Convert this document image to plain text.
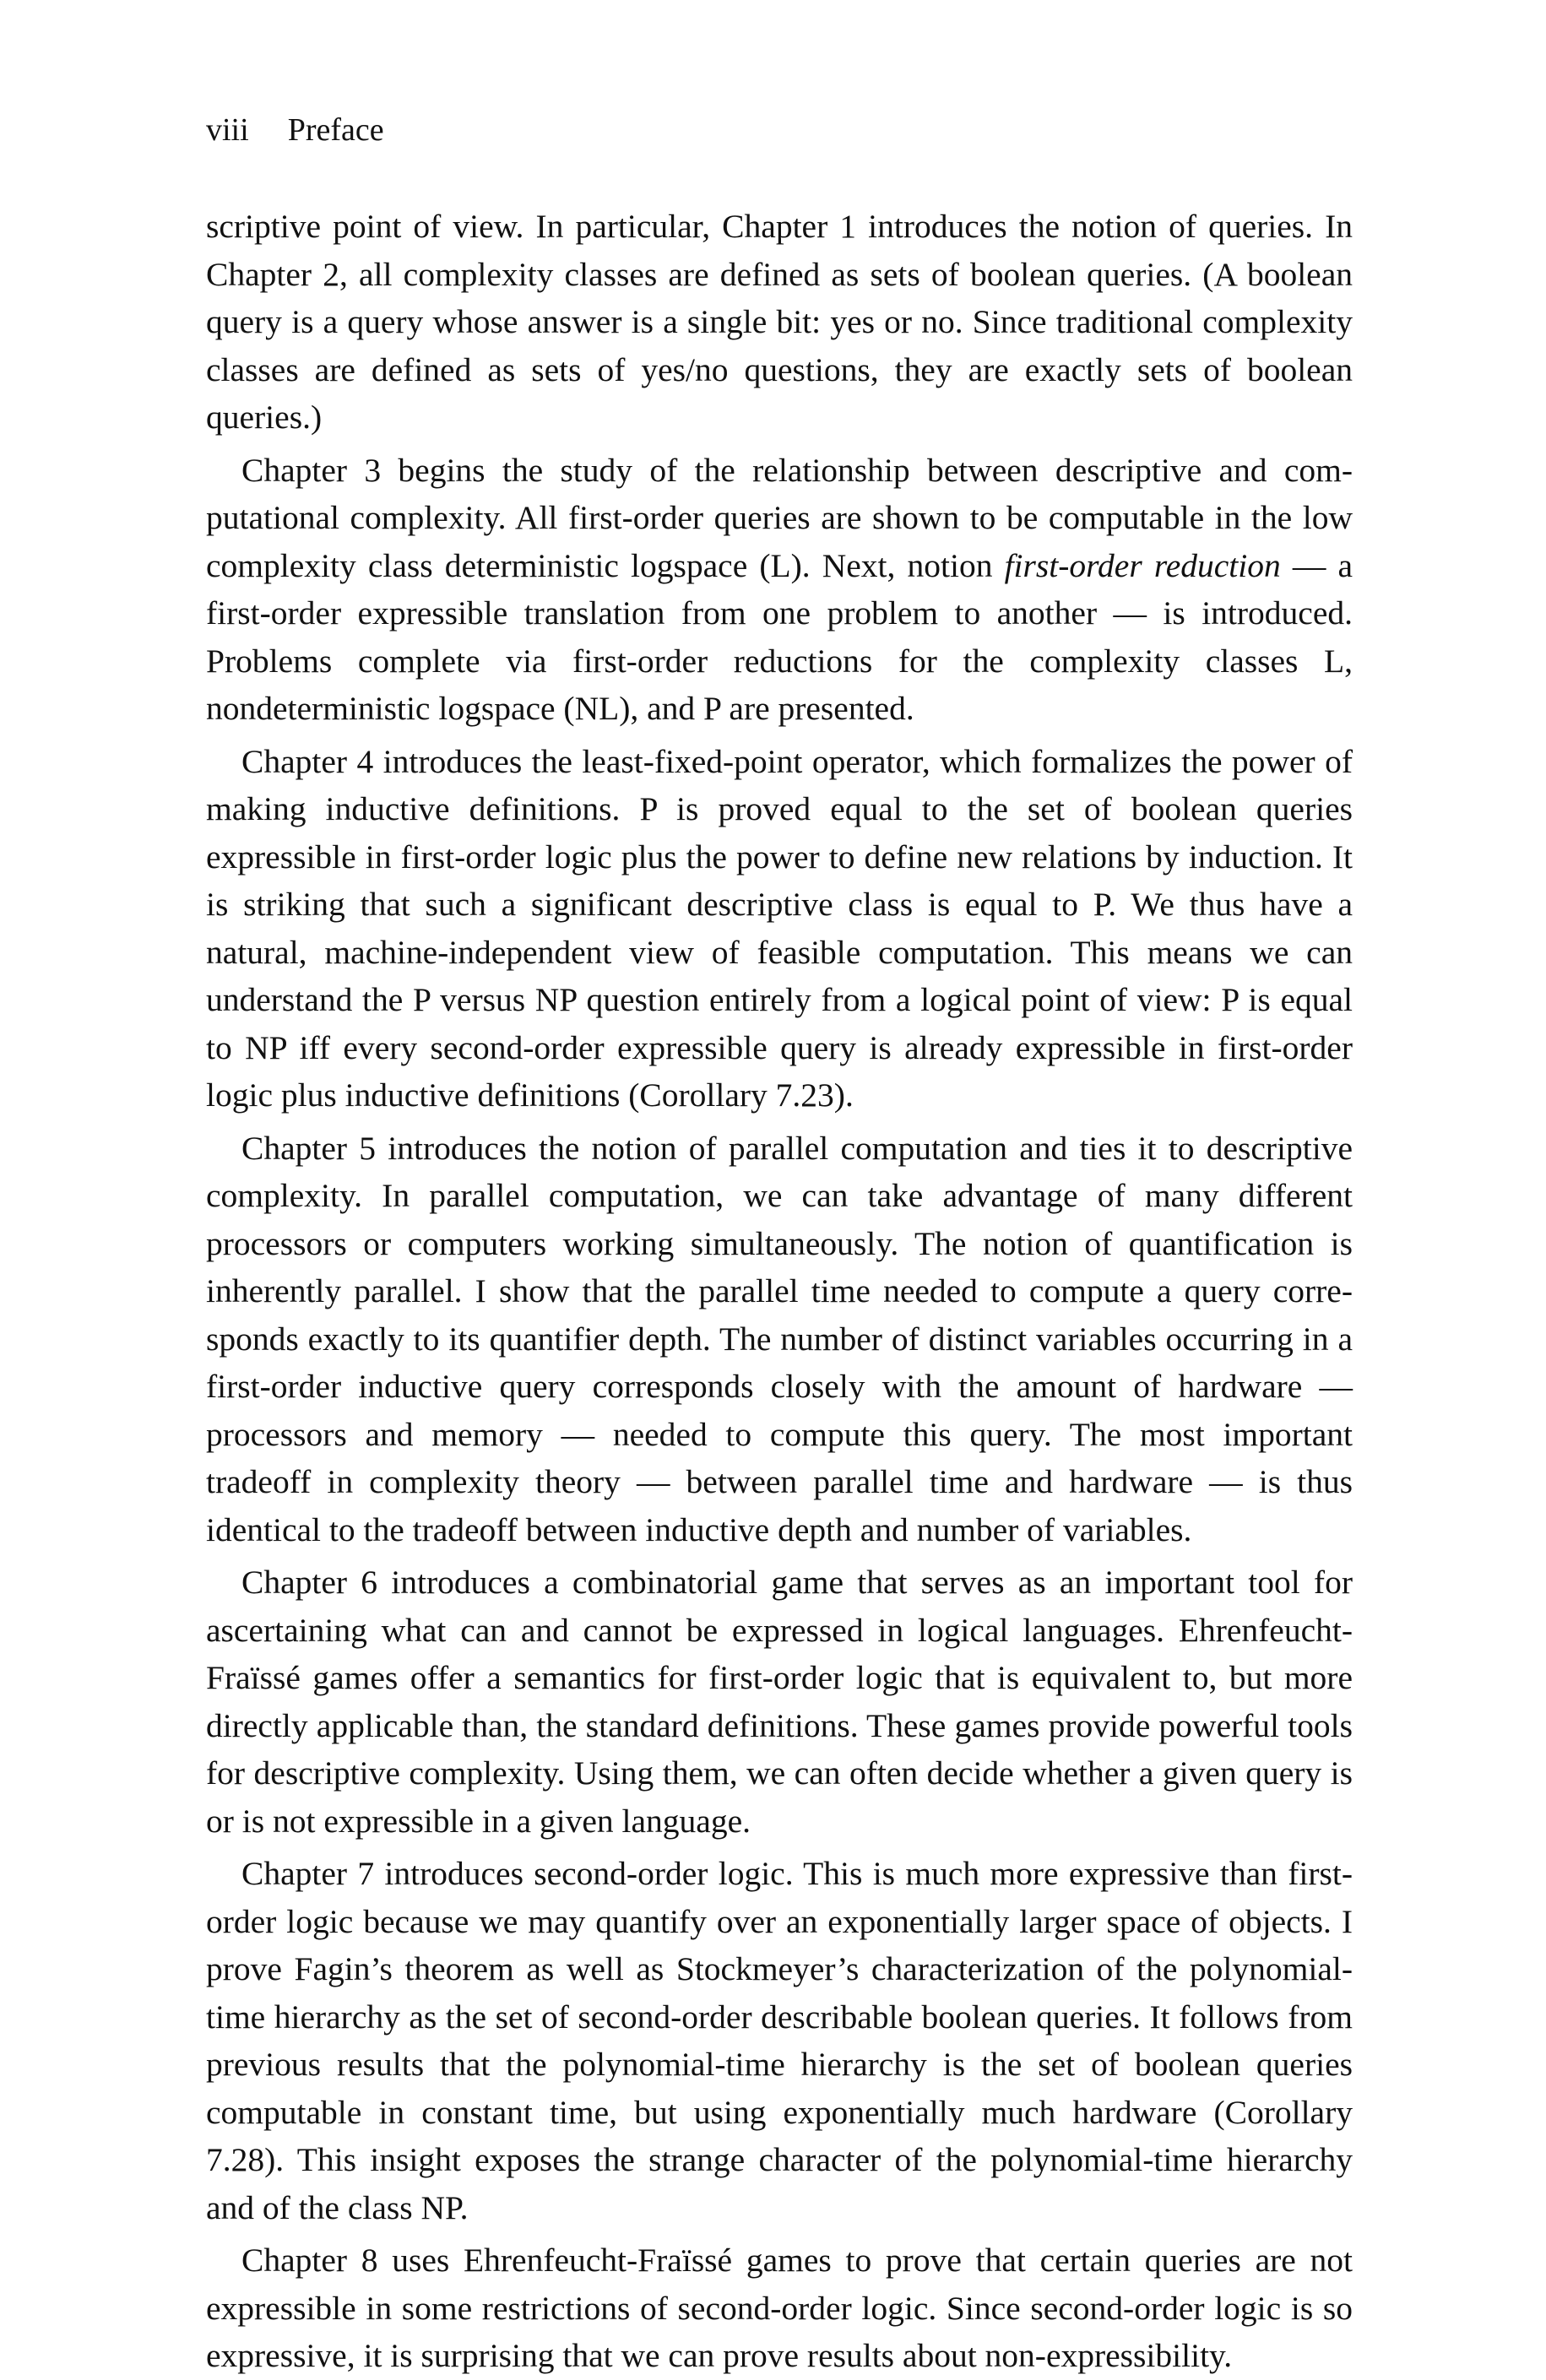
viii Preface

scriptive point of view. In particular, Chapter 1 introduces the notion of queries. In Chapter 2, all complexity classes are defined as sets of boolean queries. (A boolean query is a query whose answer is a single bit: yes or no. Since traditional complexity classes are defined as sets of yes/no questions, they are exactly sets of boolean queries.)

Chapter 3 begins the study of the relationship between descriptive and computational complexity. All first-order queries are shown to be computable in the low complexity class deterministic logspace (L). Next, notion first-order reduction — a first-order expressible translation from one problem to another — is introduced. Problems complete via first-order reductions for the complexity classes L, nondeterministic logspace (NL), and P are presented.

Chapter 4 introduces the least-fixed-point operator, which formalizes the power of making inductive definitions. P is proved equal to the set of boolean queries expressible in first-order logic plus the power to define new relations by induction. It is striking that such a significant descriptive class is equal to P. We thus have a natural, machine-independent view of feasible computation. This means we can understand the P versus NP question entirely from a logical point of view: P is equal to NP iff every second-order expressible query is already expressible in first-order logic plus inductive definitions (Corollary 7.23).

Chapter 5 introduces the notion of parallel computation and ties it to descriptive complexity. In parallel computation, we can take advantage of many different processors or computers working simultaneously. The notion of quantification is inherently parallel. I show that the parallel time needed to compute a query corresponds exactly to its quantifier depth. The number of distinct variables occurring in a first-order inductive query corresponds closely with the amount of hardware — processors and memory — needed to compute this query. The most important tradeoff in complexity theory — between parallel time and hardware — is thus identical to the tradeoff between inductive depth and number of variables.

Chapter 6 introduces a combinatorial game that serves as an important tool for ascertaining what can and cannot be expressed in logical languages. Ehrenfeucht-Fraïssé games offer a semantics for first-order logic that is equivalent to, but more directly applicable than, the standard definitions. These games provide powerful tools for descriptive complexity. Using them, we can often decide whether a given query is or is not expressible in a given language.

Chapter 7 introduces second-order logic. This is much more expressive than first-order logic because we may quantify over an exponentially larger space of objects. I prove Fagin’s theorem as well as Stockmeyer’s characterization of the polynomial-time hierarchy as the set of second-order describable boolean queries. It follows from previous results that the polynomial-time hierarchy is the set of boolean queries computable in constant time, but using exponentially much hardware (Corollary 7.28). This insight exposes the strange character of the polynomial-time hierarchy and of the class NP.

Chapter 8 uses Ehrenfeucht-Fraïssé games to prove that certain queries are not expressible in some restrictions of second-order logic. Since second-order logic is so expressive, it is surprising that we can prove results about non-expressibility.
